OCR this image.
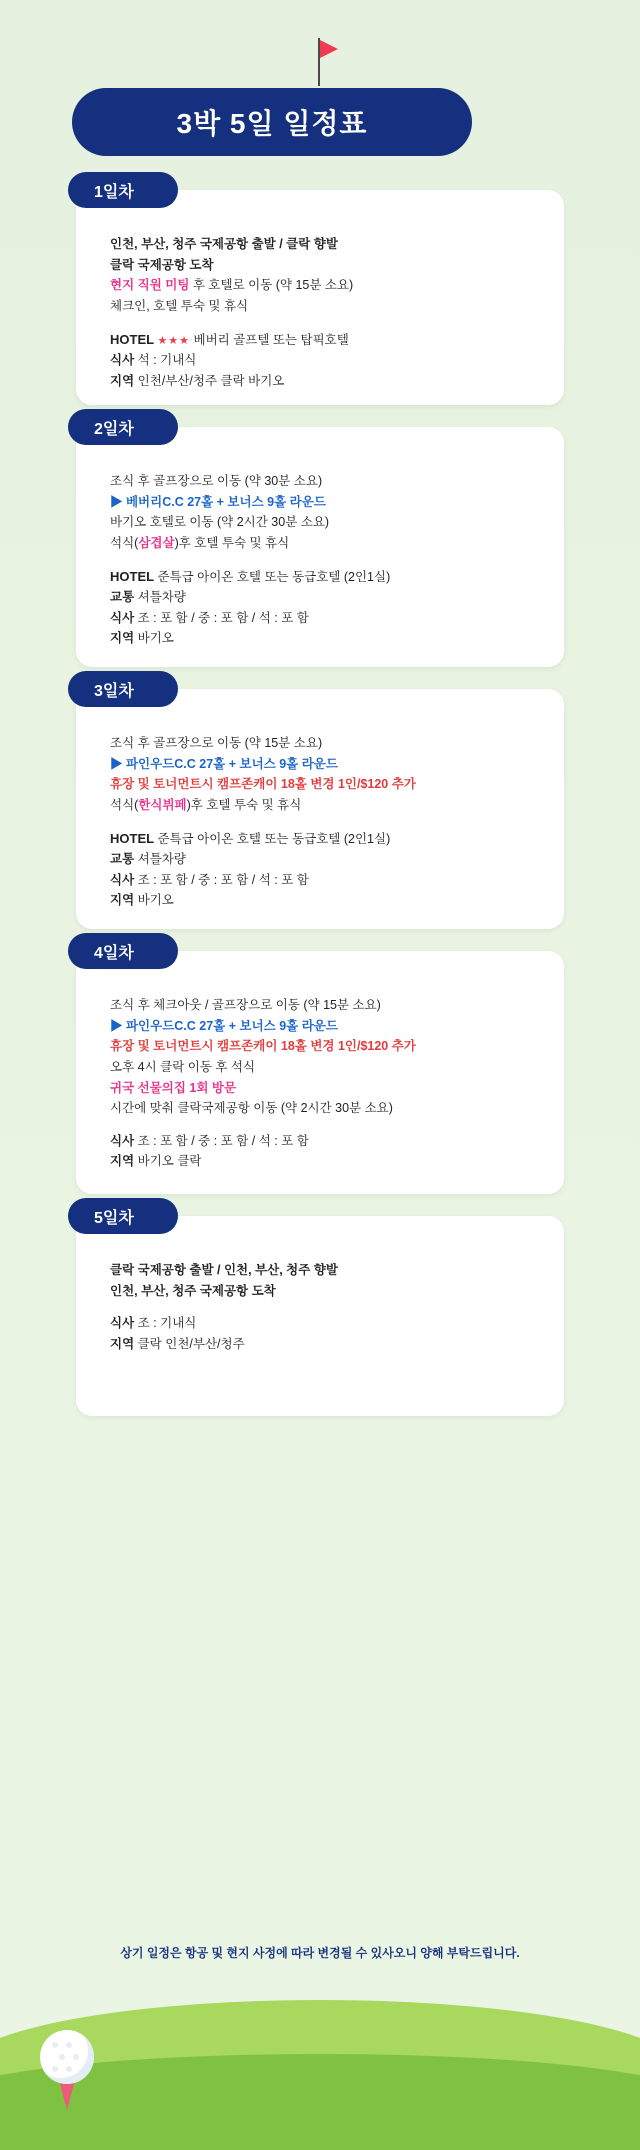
3박 5일 일정표
1일차
인천, 부산, 청주 국제공항 출발 / 클락 향발
클락 국제공항 도착
현지 직원 미팅 후 호텔로 이동 (약 15분 소요)
체크인, 호텔 투숙 및 휴식
HOTEL ★★★ 베버리 골프텔 또는 탑픽호텔
식사 석 : 기내식
지역 인천/부산/청주 클락 바기오
2일차
조식 후 골프장으로 이동 (약 30분 소요)
▶ 베버리C.C 27홀 + 보너스 9홀 라운드
바기오 호텔로 이동 (약 2시간 30분 소요)
석식(삼겹살)후 호텔 투숙 및 휴식
HOTEL 준특급 아이온 호텔 또는 동급호텔 (2인1실)
교통 셔틀차량
식사 조 : 포 함 / 중 : 포 함 / 석 : 포 함
지역 바기오
3일차
조식 후 골프장으로 이동 (약 15분 소요)
▶ 파인우드C.C 27홀 + 보너스 9홀 라운드
휴장 및 토너먼트시 캠프존캐이 18홀 변경 1인/$120 추가
석식(한식뷔페)후 호텔 투숙 및 휴식
HOTEL 준특급 아이온 호텔 또는 동급호텔 (2인1실)
교통 셔틀차량
식사 조 : 포 함 / 중 : 포 함 / 석 : 포 함
지역 바기오
4일차
조식 후 체크아웃 / 골프장으로 이동 (약 15분 소요)
▶ 파인우드C.C 27홀 + 보너스 9홀 라운드
휴장 및 토너먼트시 캠프존캐이 18홀 변경 1인/$120 추가
오후 4시 클락 이동 후 석식
귀국 선물의집 1회 방문
시간에 맞춰 클락국제공항 이동 (약 2시간 30분 소요)
식사 조 : 포 함 / 중 : 포 함 / 석 : 포 함
지역 바기오 클락
5일차
클락 국제공항 출발 / 인천, 부산, 청주 향발
인천, 부산, 청주 국제공항 도착
식사 조 : 기내식
지역 클락 인천/부산/청주
상기 일정은 항공 및 현지 사정에 따라 변경될 수 있사오니 양해 부탁드립니다.
